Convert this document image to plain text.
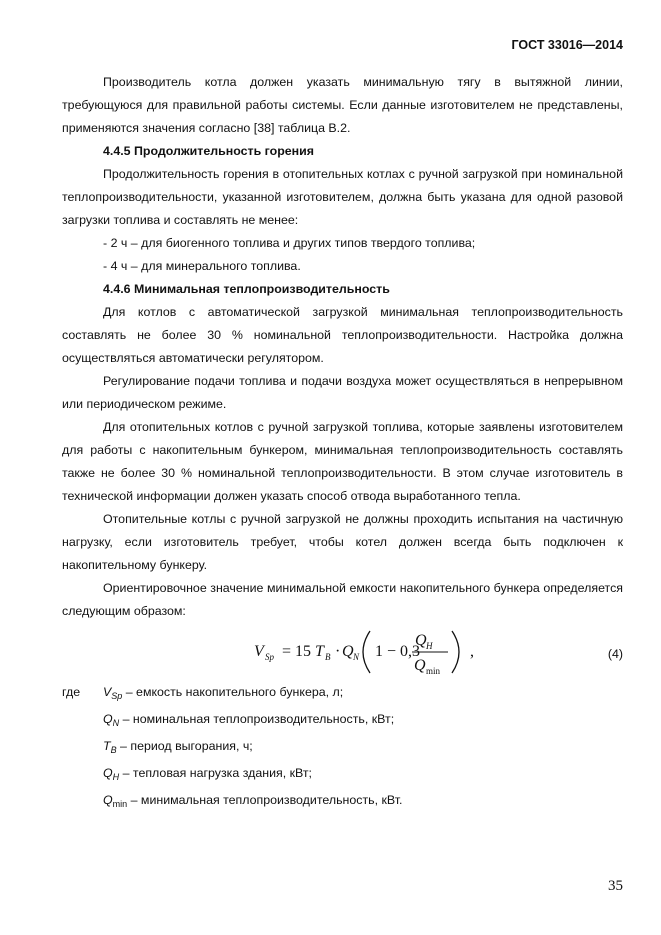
ГОСТ 33016—2014

Производитель котла должен указать минимальную тягу в вытяжной линии, требующуюся для правильной работы системы. Если данные изготовителем не представлены, применяются значения согласно [38] таблица В.2.

4.4.5 Продолжительность горения

Продолжительность горения в отопительных котлах с ручной загрузкой при номинальной теплопроизводительности, указанной изготовителем, должна быть указана для одной разовой загрузки топлива и составлять не менее:

- 2 ч – для биогенного топлива и других типов твердого топлива;

- 4 ч – для минерального топлива.

4.4.6 Минимальная теплопроизводительность

Для котлов с автоматической загрузкой минимальная теплопроизводительность составлять не более 30 % номинальной теплопроизводительности. Настройка должна осуществляться автоматически регулятором.

Регулирование подачи топлива и подачи воздуха может осуществляться в непрерывном или периодическом режиме.

Для отопительных котлов с ручной загрузкой топлива, которые заявлены изготовителем для работы с накопительным бункером, минимальная теплопроизводительность составлять также не более 30 % номинальной теплопроизводительности. В этом случае изготовитель в технической информации должен указать способ отвода выработанного тепла.

Отопительные котлы с ручной загрузкой не должны проходить испытания на частичную нагрузку, если изготовитель требует, чтобы котел должен всегда быть подключен к накопительному бункеру.

Ориентировочное значение минимальной емкости накопительного бункера определяется следующим образом:

V Sp = 15 T B · Q N 1 − 0,3
Q H
Q min
,	(4)
где	$V_{Sp}$ – емкость накопительного бункера, л;
$Q_N$ – номинальная теплопроизводительность, кВт;
$T_B$ – период выгорания, ч;
$Q_H$ – тепловая нагрузка здания, кВт;
$Q_{min}$ – минимальная теплопроизводительность, кВт.
35
